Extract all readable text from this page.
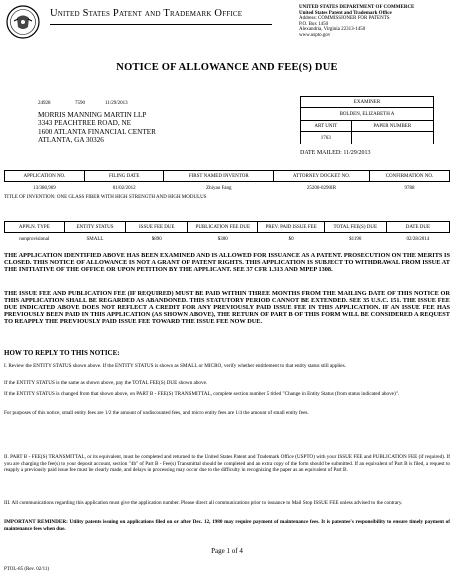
United States Patent and Trademark Office
UNITED STATES DEPARTMENT OF COMMERCE
United States Patent and Trademark Office
Address: COMMISSIONER FOR PATENTS
P.O. Box 1450
Alexandria, Virginia 22313-1450
www.uspto.gov
NOTICE OF ALLOWANCE AND FEE(S) DUE
24928	7590	11/29/2013
MORRIS MANNING MARTIN LLP
3343 PEACHTREE ROAD, NE
1600 ATLANTA FINANCIAL CENTER
ATLANTA, GA 30326
EXAMINER	
BOLDEN, ELIZABETH A	
ART UNIT	PAPER NUMBER
1763	
DATE MAILED: 11/29/2013
APPLICATION NO.	FILING DATE	FIRST NAMED INVENTOR	ATTORNEY DOCKET NO.	CONFIRMATION NO.
13/380,969	01/02/2012	Zhiyao Fang	25200-0290IR	9788
TITLE OF INVENTION: ONE GLASS FIBER WITH HIGH STRENGTH AND HIGH MODULUS
APPLN. TYPE	ENTITY STATUS	ISSUE FEE DUE	PUBLICATION FEE DUE	PREV. PAID ISSUE FEE	TOTAL FEE(S) DUE	DATE DUE
nonprovisional	SMALL	$890	$300	$0	$1190	02/28/2014
THE APPLICATION IDENTIFIED ABOVE HAS BEEN EXAMINED AND IS ALLOWED FOR ISSUANCE AS A PATENT. PROSECUTION ON THE MERITS IS CLOSED. THIS NOTICE OF ALLOWANCE IS NOT A GRANT OF PATENT RIGHTS. THIS APPLICATION IS SUBJECT TO WITHDRAWAL FROM ISSUE AT THE INITIATIVE OF THE OFFICE OR UPON PETITION BY THE APPLICANT. SEE 37 CFR 1.313 AND MPEP 1308.
THE ISSUE FEE AND PUBLICATION FEE (IF REQUIRED) MUST BE PAID WITHIN THREE MONTHS FROM THE MAILING DATE OF THIS NOTICE OR THIS APPLICATION SHALL BE REGARDED AS ABANDONED. THIS STATUTORY PERIOD CANNOT BE EXTENDED. SEE 35 U.S.C. 151. THE ISSUE FEE DUE INDICATED ABOVE DOES NOT REFLECT A CREDIT FOR ANY PREVIOUSLY PAID ISSUE FEE IN THIS APPLICATION. IF AN ISSUE FEE HAS PREVIOUSLY BEEN PAID IN THIS APPLICATION (AS SHOWN ABOVE), THE RETURN OF PART B OF THIS FORM WILL BE CONSIDERED A REQUEST TO REAPPLY THE PREVIOUSLY PAID ISSUE FEE TOWARD THE ISSUE FEE NOW DUE.
HOW TO REPLY TO THIS NOTICE:
I. Review the ENTITY STATUS shown above. If the ENTITY STATUS is shown as SMALL or MICRO, verify whether entitlement to that entity status still applies.
If the ENTITY STATUS is the same as shown above, pay the TOTAL FEE(S) DUE shown above.
If the ENTITY STATUS is changed from that shown above, on PART B - FEE(S) TRANSMITTAL, complete section number 5 titled "Change in Entity Status (from status indicated above)".
For purposes of this notice, small entity fees are 1/2 the amount of undiscounted fees, and micro entity fees are 1/4 the amount of small entity fees.
II. PART B - FEE(S) TRANSMITTAL, or its equivalent, must be completed and returned to the United States Patent and Trademark Office (USPTO) with your ISSUE FEE and PUBLICATION FEE (if required). If you are charging the fee(s) to your deposit account, section "4b" of Part B - Fee(s) Transmittal should be completed and an extra copy of the form should be submitted. If an equivalent of Part B is filed, a request to reapply a previously paid issue fee must be clearly made, and delays in processing may occur due to the difficulty in recognizing the paper as an equivalent of Part B.
III. All communications regarding this application must give the application number. Please direct all communications prior to issuance to Mail Stop ISSUE FEE unless advised to the contrary.
IMPORTANT REMINDER: Utility patents issuing on applications filed on or after Dec. 12, 1980 may require payment of maintenance fees. It is patentee's responsibility to ensure timely payment of maintenance fees when due.
Page 1 of 4
PTOL-85 (Rev. 02/11)
